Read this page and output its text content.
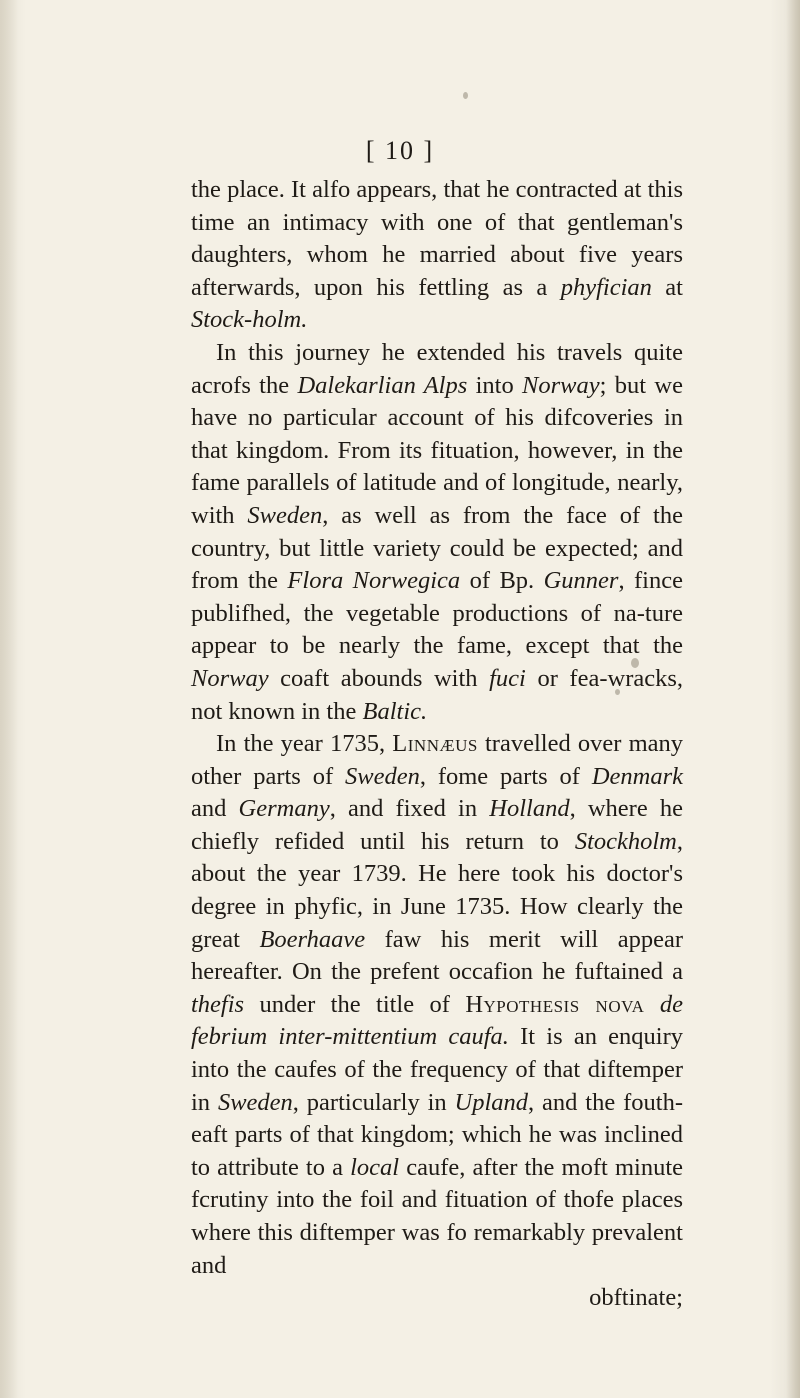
[ 10 ]

the place. It alfo appears, that he contracted at this time an intimacy with one of that gentleman's daughters, whom he married about five years afterwards, upon his fettling as a phyfician at Stock-holm.

In this journey he extended his travels quite acrofs the Dalekarlian Alps into Norway; but we have no particular account of his difcoveries in that kingdom. From its fituation, however, in the fame parallels of latitude and of longitude, nearly, with Sweden, as well as from the face of the country, but little variety could be expected; and from the Flora Norwegica of Bp. Gunner, fince publifhed, the vegetable productions of na-ture appear to be nearly the fame, except that the Norway coaft abounds with fuci or fea-wracks, not known in the Baltic.

In the year 1735, Linnæus travelled over many other parts of Sweden, fome parts of Denmark and Germany, and fixed in Holland, where he chiefly refided until his return to Stockholm, about the year 1739. He here took his doctor's degree in phyfic, in June 1735. How clearly the great Boerhaave faw his merit will appear hereafter. On the prefent occafion he fuftained a thefis under the title of Hypothesis nova de febrium inter-mittentium caufa. It is an enquiry into the caufes of the frequency of that diftemper in Sweden, particularly in Upland, and the fouth-eaft parts of that kingdom; which he was inclined to attribute to a local caufe, after the moft minute fcrutiny into the foil and fituation of thofe places where this diftemper was fo remarkably prevalent and

obftinate;
